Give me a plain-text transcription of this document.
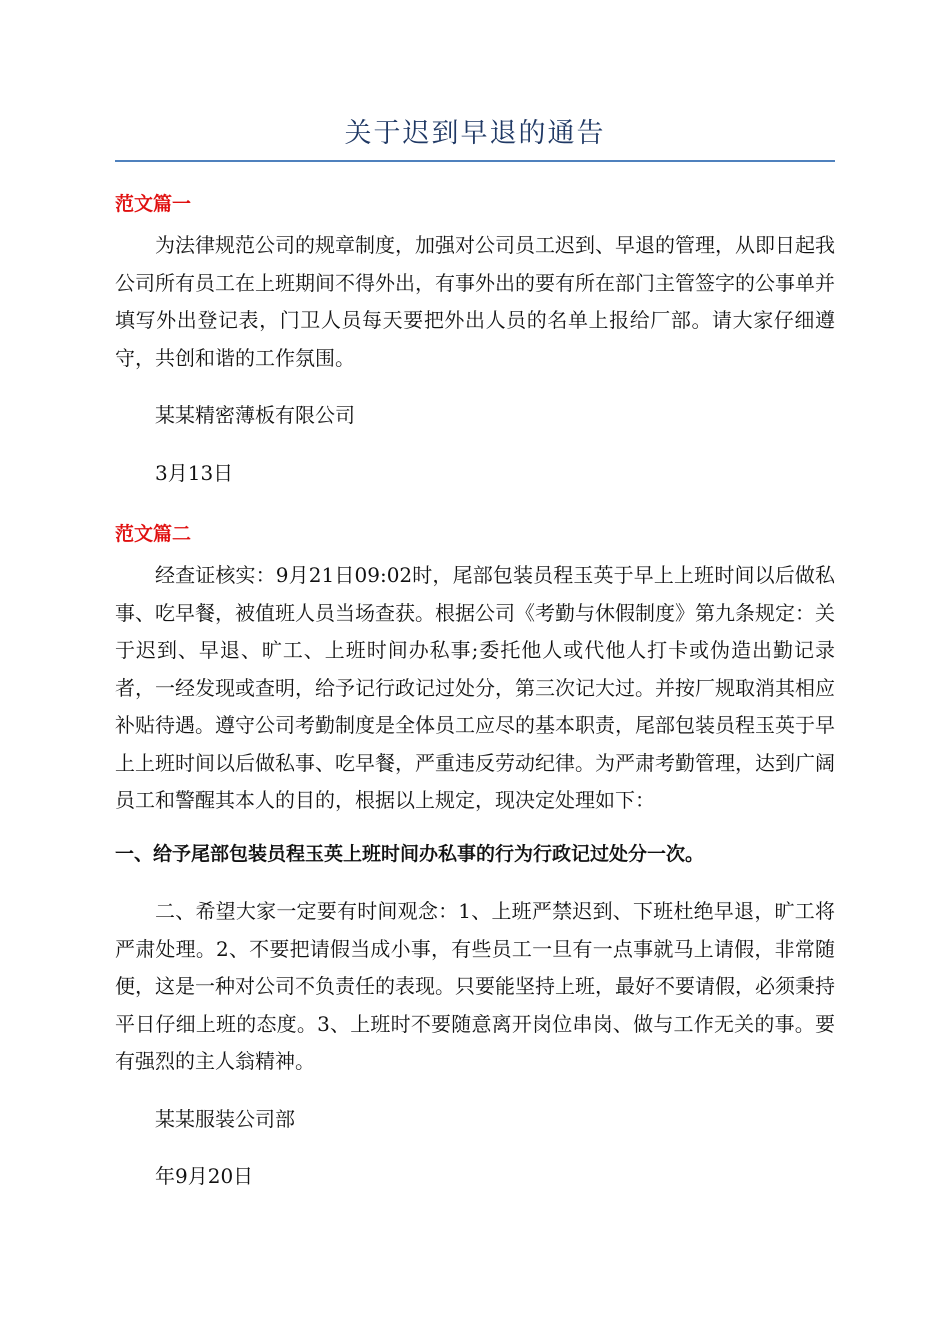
关于迟到早退的通告
范文篇一

为法律规范公司的规章制度，加强对公司员工迟到、早退的管理，从即日起我公司所有员工在上班期间不得外出，有事外出的要有所在部门主管签字的公事单并填写外出登记表，门卫人员每天要把外出人员的名单上报给厂部。请大家仔细遵守，共创和谐的工作氛围。

某某精密薄板有限公司

3月13日

范文篇二

经查证核实：9月21日09:02时，尾部包装员程玉英于早上上班时间以后做私事、吃早餐，被值班人员当场查获。根据公司《考勤与休假制度》第九条规定：关于迟到、早退、旷工、上班时间办私事;委托他人或代他人打卡或伪造出勤记录者，一经发现或查明，给予记行政记过处分，第三次记大过。并按厂规取消其相应补贴待遇。遵守公司考勤制度是全体员工应尽的基本职责，尾部包装员程玉英于早上上班时间以后做私事、吃早餐，严重违反劳动纪律。为严肃考勤管理，达到广阔员工和警醒其本人的目的，根据以上规定，现决定处理如下：

一、给予尾部包装员程玉英上班时间办私事的行为行政记过处分一次。

二、希望大家一定要有时间观念：1、上班严禁迟到、下班杜绝早退，旷工将严肃处理。2、不要把请假当成小事，有些员工一旦有一点事就马上请假，非常随便，这是一种对公司不负责任的表现。只要能坚持上班，最好不要请假，必须秉持平日仔细上班的态度。3、上班时不要随意离开岗位串岗、做与工作无关的事。要有强烈的主人翁精神。

某某服装公司部

年9月20日
